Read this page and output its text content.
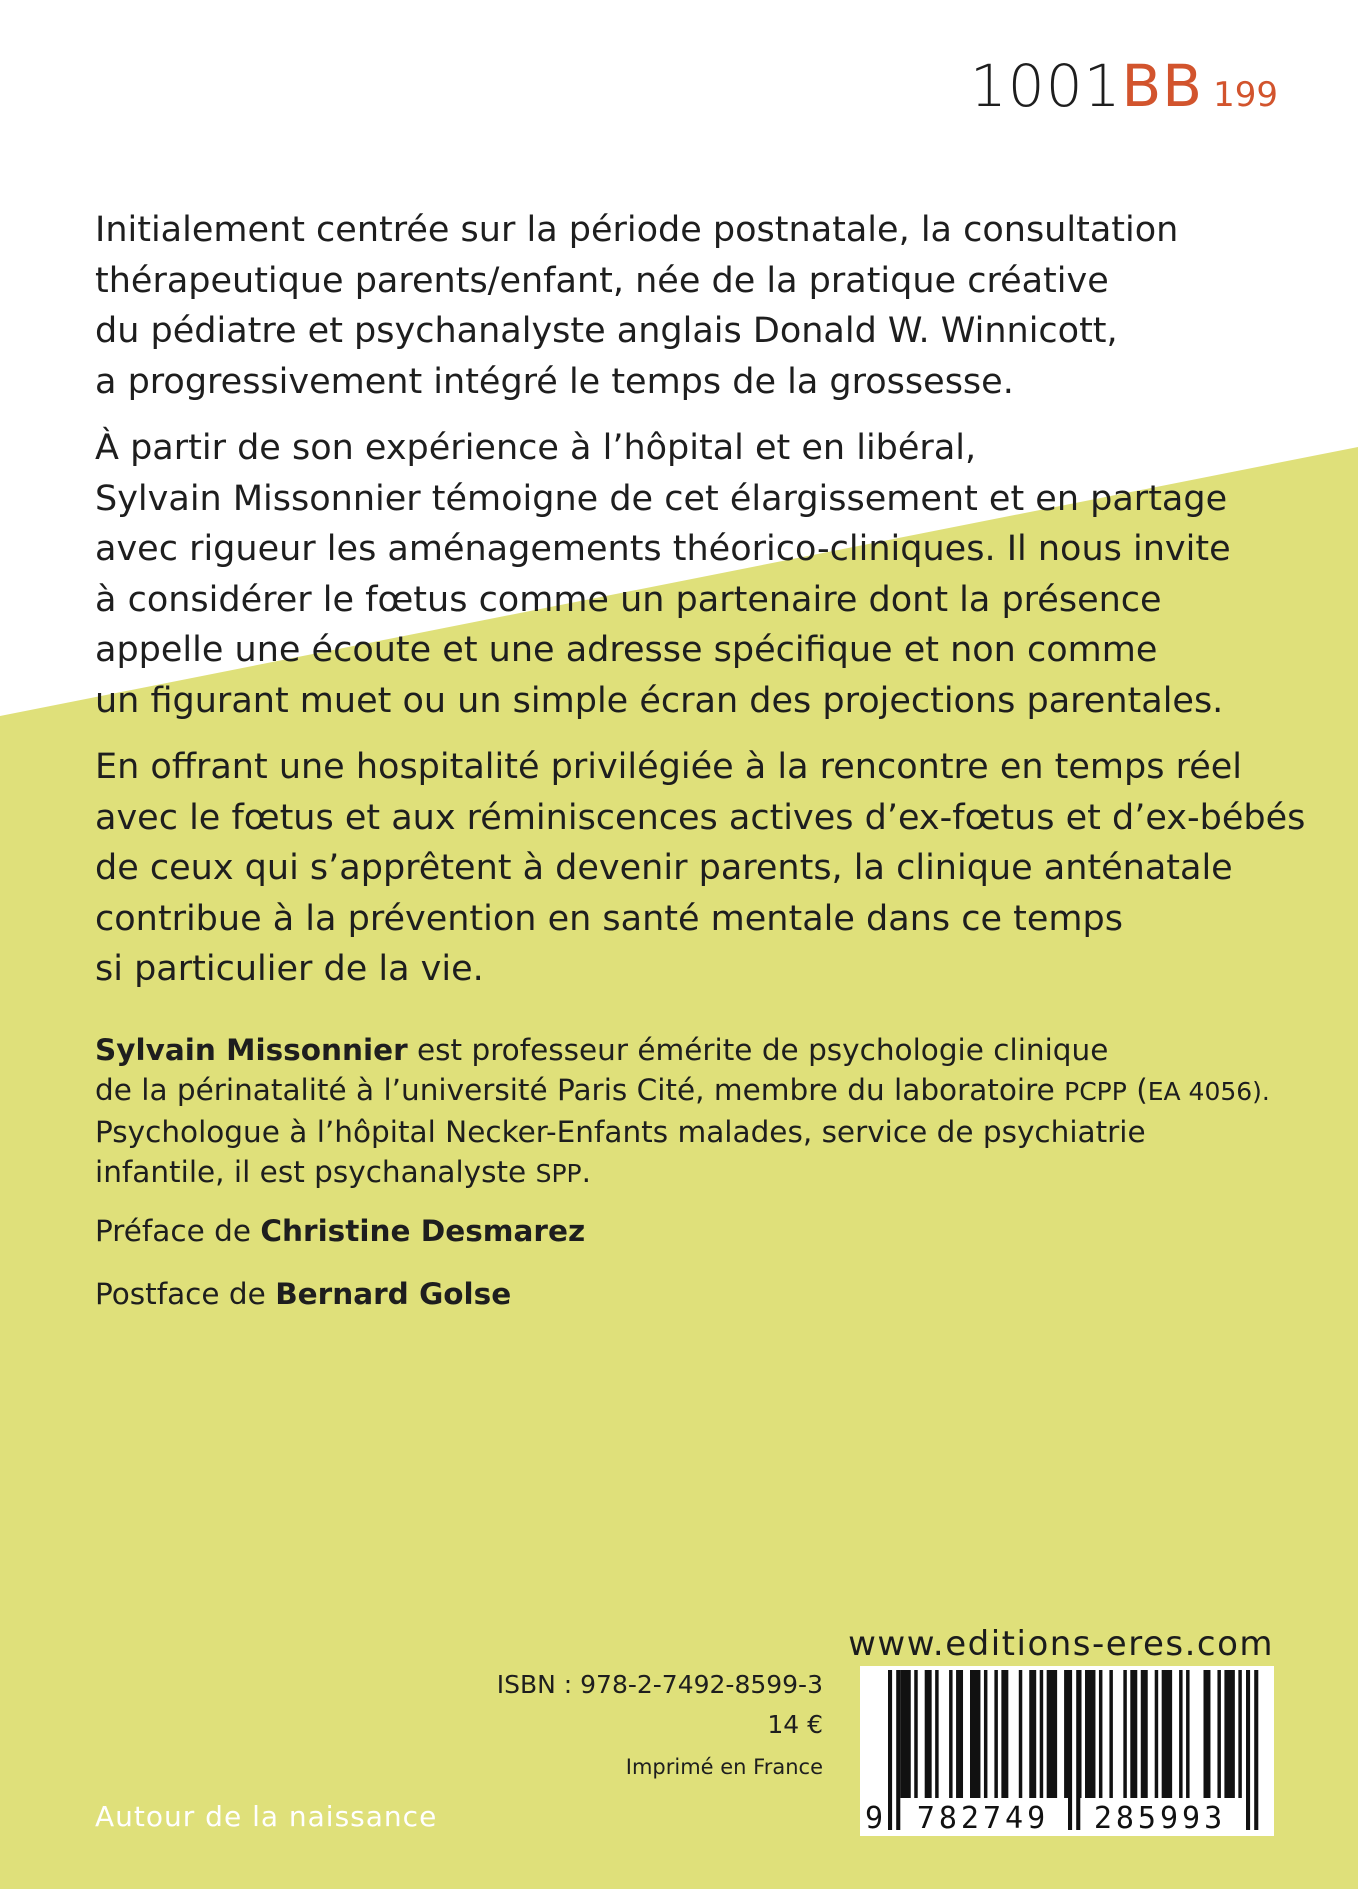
1001BB 199

Initialement centrée sur la période postnatale, la consultation
thérapeutique parents/enfant, née de la pratique créative
du pédiatre et psychanalyste anglais Donald W. Winnicott,
a progressivement intégré le temps de la grossesse.

À partir de son expérience à l’hôpital et en libéral,
Sylvain Missonnier témoigne de cet élargissement et en partage
avec rigueur les aménagements théorico-cliniques. Il nous invite
à considérer le fœtus comme un partenaire dont la présence
appelle une écoute et une adresse spécifique et non comme
un figurant muet ou un simple écran des projections parentales.

En offrant une hospitalité privilégiée à la rencontre en temps réel
avec le fœtus et aux réminiscences actives d’ex-fœtus et d’ex-bébés
de ceux qui s’apprêtent à devenir parents, la clinique anténatale
contribue à la prévention en santé mentale dans ce temps
si particulier de la vie.

Sylvain Missonnier est professeur émérite de psychologie clinique
de la périnatalité à l’université Paris Cité, membre du laboratoire PCPP (EA 4056).
Psychologue à l’hôpital Necker-Enfants malades, service de psychiatrie
infantile, il est psychanalyste SPP.

Préface de Christine Desmarez
Postface de Bernard Golse
www.editions-eres.com
ISBN : 978-2-7492-8599-3
14 €
Imprimé en France
9 782749 285993
Autour de la naissance
